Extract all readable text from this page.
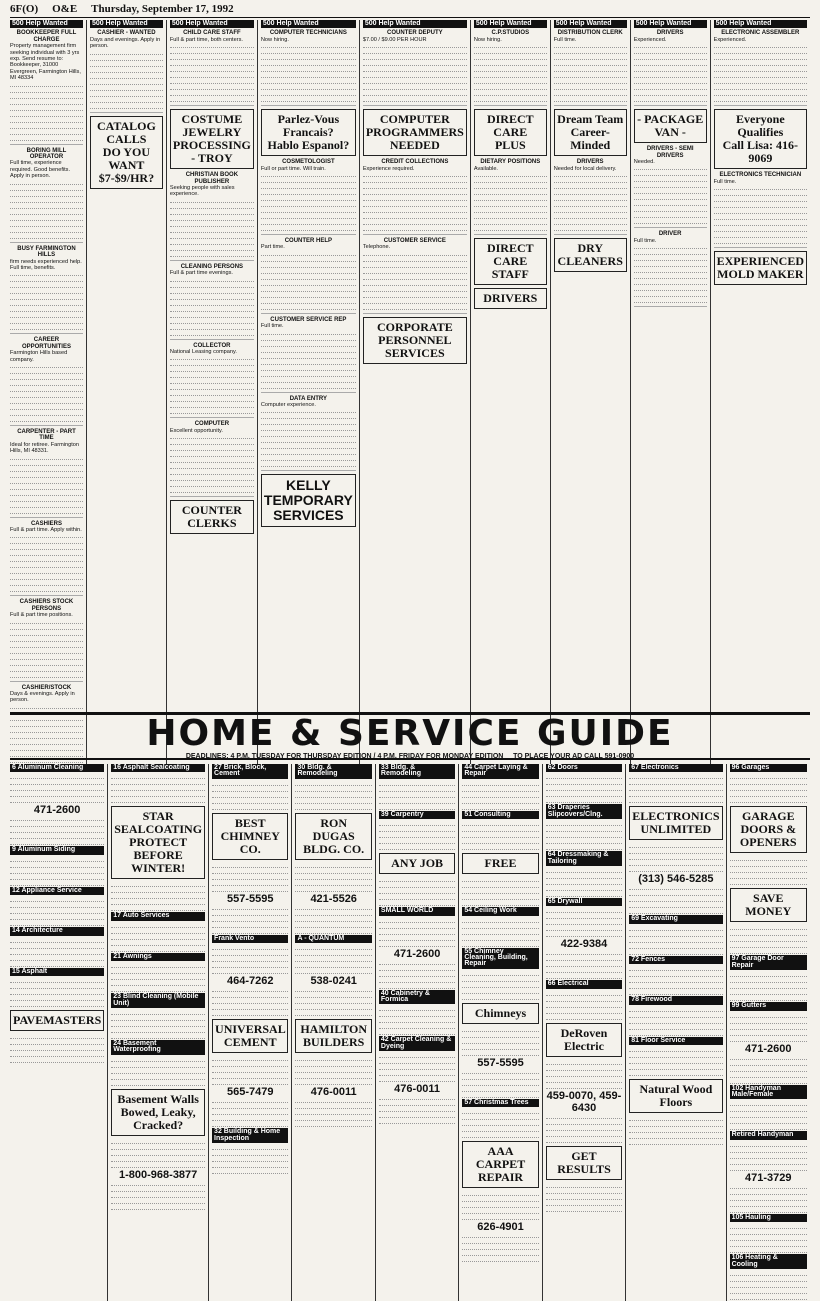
6F(O) O&E Thursday, September 17, 1992
500 Help Wanted
BOOKKEEPER FULL CHARGE
Property management firm seeking individual with 3 yrs exp. Send resume to: Bookkeeper, 31000 Evergreen, Farmington Hills, MI 48334
BORING MILL OPERATOR
Full time, experience required. Good benefits. Apply in person.
BUSY FARMINGTON HILLS
firm needs experienced help. Full time, benefits.
CAREER OPPORTUNITIES
Farmington Hills based company.
CARPENTER - PART TIME
Ideal for retiree. Farmington Hills, MI 48331.
CASHIERS
Full & part time. Apply within.
CASHIERS STOCK PERSONS
Full & part time positions.
CASHIER/STOCK
Days & evenings. Apply in person.
500 Help Wanted
CASHIER - WANTED
Days and evenings. Apply in person.
CATALOG
CALLS
DO YOU WANT $7-$9/HR?
500 Help Wanted
CHILD CARE STAFF
Full & part time, both centers.
COSTUME JEWELRY PROCESSING - TROY
CHRISTIAN BOOK PUBLISHER
Seeking people with sales experience.
CLEANING PERSONS
Full & part time evenings.
COLLECTOR
National Leasing company.
COMPUTER
Excellent opportunity.
COUNTER CLERKS
500 Help Wanted
COMPUTER TECHNICIANS
Now hiring.
Parlez-Vous Francais?
Hablo Espanol?
COSMETOLOGIST
Full or part time. Will train.
COUNTER HELP
Part time.
CUSTOMER SERVICE REP
Full time.
DATA ENTRY
Computer experience.
KELLY
TEMPORARY
SERVICES
500 Help Wanted
COUNTER DEPUTY
$7.00 / $9.00 PER HOUR
COMPUTER PROGRAMMERS NEEDED
CREDIT COLLECTIONS
Experience required.
CUSTOMER SERVICE
Telephone.
CORPORATE
PERSONNEL
SERVICES
500 Help Wanted
C.P.STUDIOS
Now hiring.
DIRECT CARE PLUS
DIETARY POSITIONS
Available.
DIRECT CARE STAFF
DRIVERS
500 Help Wanted
DISTRIBUTION CLERK
Full time.
Dream Team
Career-Minded
DRIVERS
Needed for local delivery.
DRY CLEANERS
500 Help Wanted
DRIVERS
Experienced.
- PACKAGE VAN -
DRIVERS - SEMI DRIVERS
Needed.
DRIVER
Full time.
500 Help Wanted
ELECTRONIC ASSEMBLER
Experienced.
Everyone Qualifies
Call Lisa: 416-9069
ELECTRONICS TECHNICIAN
Full time.
EXPERIENCED MOLD MAKER
HOME & SERVICE GUIDE
DEADLINES: 4 P.M. TUESDAY FOR THURSDAY EDITION / 4 P.M. FRIDAY FOR MONDAY EDITION TO PLACE YOUR AD CALL 591-0900
6 Aluminum Cleaning
471-2600
9 Aluminum Siding
12 Appliance Service
14 Architecture
15 Asphalt
PAVEMASTERS
16 Asphalt Sealcoating
STAR SEALCOATING PROTECT BEFORE WINTER!
17 Auto Services
21 Awnings
23 Blind Cleaning (Mobile Unit)
24 Basement Waterproofing
Basement Walls Bowed, Leaky, Cracked?
1-800-968-3877
27 Brick, Block, Cement
BEST CHIMNEY CO.
557-5595
Frank Vento
464-7262
UNIVERSAL CEMENT
565-7479
32 Building & Home Inspection
30 Bldg. & Remodeling
RON DUGAS BLDG. CO.
421-5526
A - QUANTUM
538-0241
HAMILTON BUILDERS
476-0011
33 Bldg. & Remodeling
39 Carpentry
ANY JOB
SMALL WORLD
471-2600
40 Cabinetry & Formica
42 Carpet Cleaning & Dyeing
476-0011
44 Carpet Laying & Repair
51 Consulting
FREE
54 Ceiling Work
55 Chimney Cleaning, Building, Repair
Chimneys
557-5595
57 Christmas Trees
AAA CARPET REPAIR
626-4901
62 Doors
63 Draperies Slipcovers/Clng.
64 Dressmaking & Tailoring
65 Drywall
422-9384
66 Electrical
DeRoven Electric
459-0070, 459-6430
GET RESULTS
67 Electronics
ELECTRONICS UNLIMITED
(313) 546-5285
69 Excavating
72 Fences
78 Firewood
81 Floor Service
Natural Wood Floors
96 Garages
GARAGE DOORS & OPENERS
SAVE MONEY
97 Garage Door Repair
99 Gutters
471-2600
102 Handyman Male/Female
Retired Handyman
471-3729
105 Hauling
106 Heating & Cooling
